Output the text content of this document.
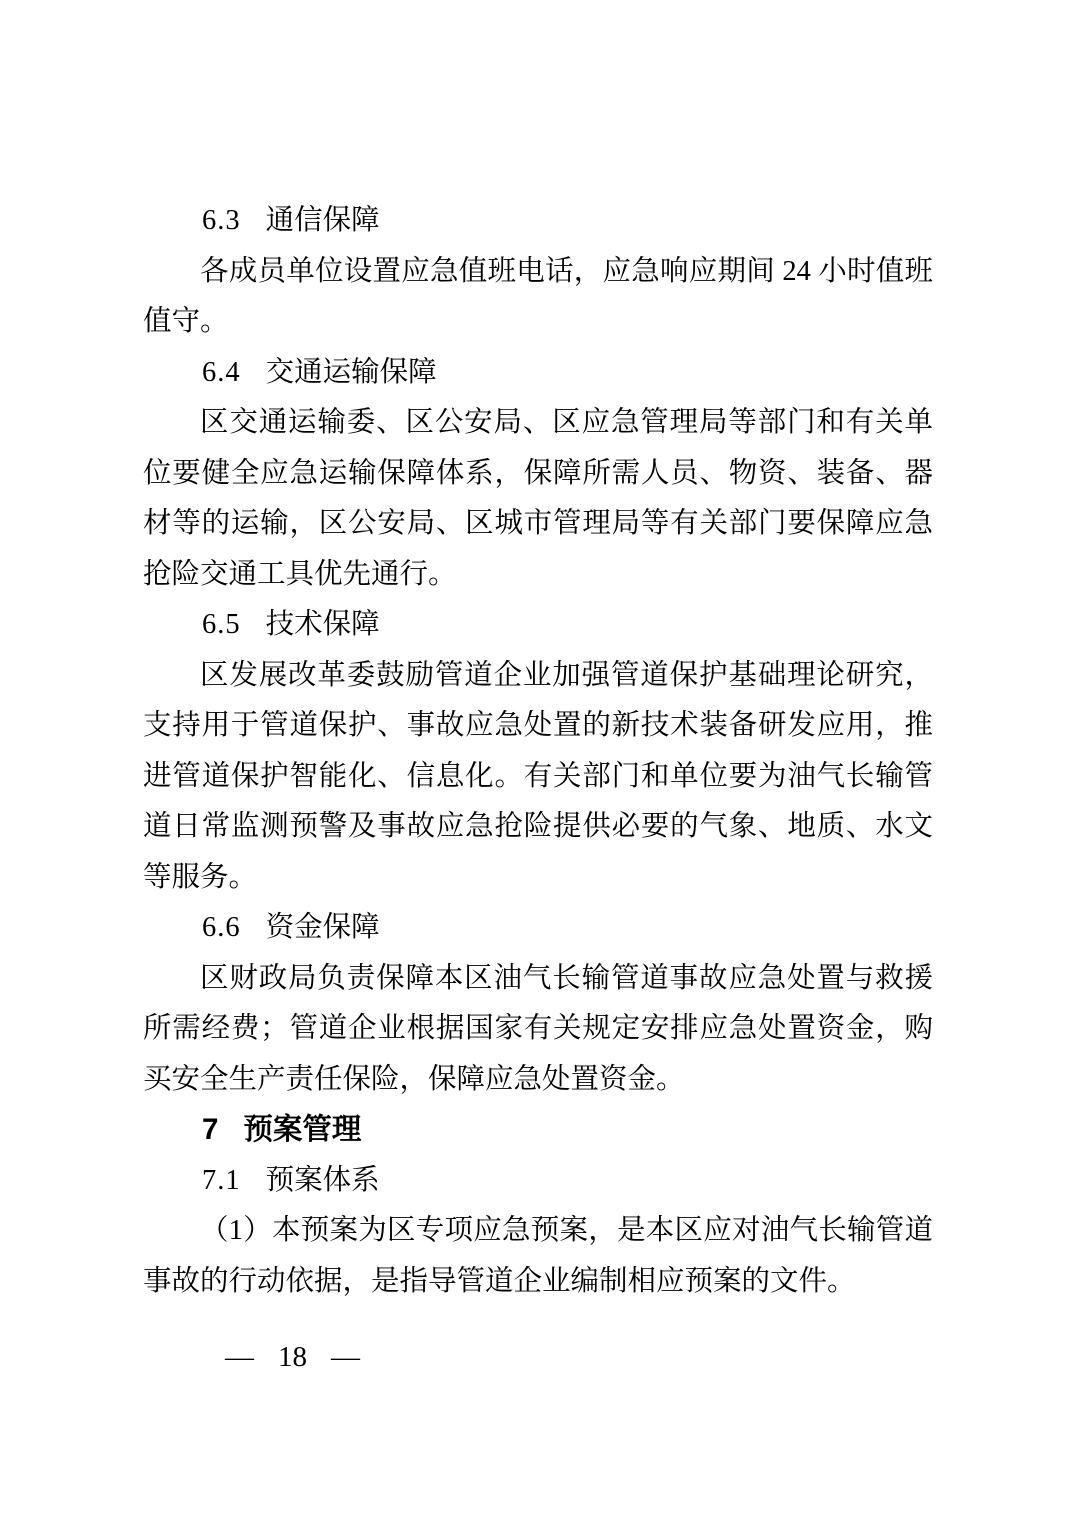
6.3 通信保障

各成员单位设置应急值班电话，应急响应期间 24 小时值班值守。

6.4 交通运输保障

区交通运输委、区公安局、区应急管理局等部门和有关单位要健全应急运输保障体系，保障所需人员、物资、装备、器材等的运输，区公安局、区城市管理局等有关部门要保障应急抢险交通工具优先通行。

6.5 技术保障

区发展改革委鼓励管道企业加强管道保护基础理论研究，支持用于管道保护、事故应急处置的新技术装备研发应用，推进管道保护智能化、信息化。有关部门和单位要为油气长输管道日常监测预警及事故应急抢险提供必要的气象、地质、水文等服务。

6.6 资金保障

区财政局负责保障本区油气长输管道事故应急处置与救援所需经费；管道企业根据国家有关规定安排应急处置资金，购买安全生产责任保险，保障应急处置资金。

7 预案管理
7.1 预案体系

（1）本预案为区专项应急预案，是本区应对油气长输管道事故的行动依据，是指导管道企业编制相应预案的文件。

— 18 —
